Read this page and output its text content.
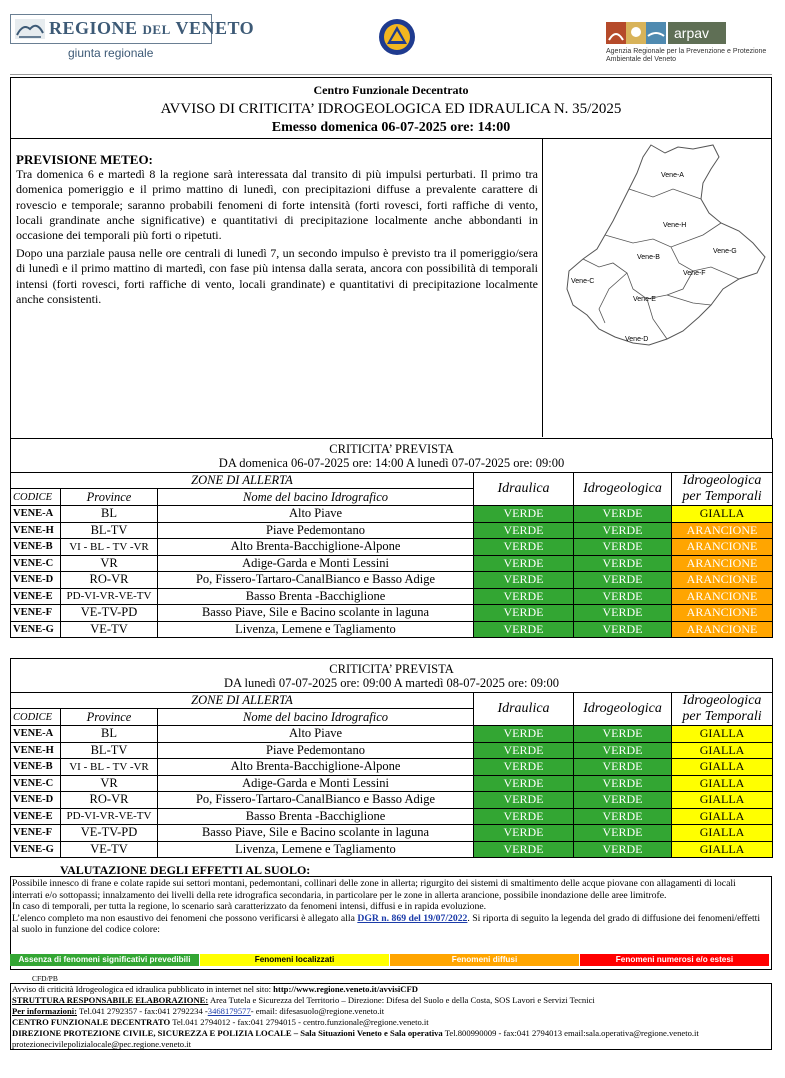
REGIONE DEL VENETO
giunta regionale
arpav
Agenzia Regionale per la Prevenzione e Protezione Ambientale del Veneto
Centro Funzionale Decentrato
AVVISO DI CRITICITA’ IDROGEOLOGICA ED IDRAULICA N. 35/2025
Emesso domenica 06-07-2025 ore: 14:00
PREVISIONE METEO:

Tra domenica 6 e martedì 8 la regione sarà interessata dal transito di più impulsi perturbati. Il primo tra domenica pomeriggio e il primo mattino di lunedì, con precipitazioni diffuse a prevalente carattere di rovescio e temporale; saranno probabili fenomeni di forte intensità (forti rovesci, forti raffiche di vento, locali grandinate anche significative) e quantitativi di precipitazione localmente anche abbondanti in occasione dei temporali più forti o ripetuti.

Dopo una parziale pausa nelle ore centrali di lunedì 7, un secondo impulso è previsto tra il pomeriggio/sera di lunedì e il primo mattino di martedì, con fase più intensa dalla serata, ancora con possibilità di temporali intensi (forti rovesci, forti raffiche di vento, locali grandinate) e quantitativi di precipitazione localmente anche consistenti.

Vene-A
Vene-H
Vene-G
Vene-B
Vene-F
Vene-C
Vene-E
Vene-D
CRITICITA’ PREVISTA
DA domenica 06-07-2025 ore: 14:00 A lunedì 07-07-2025 ore: 09:00					

ZONE DI ALLERTA			Idraulica	Idrogeologica	Idrogeologica
per Temporali

CODICE	Province	Nome del bacino Idrografico			
VENE-A	BL	Alto Piave	VERDE	VERDE	GIALLA
VENE-H	BL-TV	Piave Pedemontano	VERDE	VERDE	ARANCIONE
VENE-B	VI - BL - TV -VR	Alto Brenta-Bacchiglione-Alpone	VERDE	VERDE	ARANCIONE
VENE-C	VR	Adige-Garda e Monti Lessini	VERDE	VERDE	ARANCIONE
VENE-D	RO-VR	Po, Fissero-Tartaro-CanalBianco e Basso Adige	VERDE	VERDE	ARANCIONE
VENE-E	PD-VI-VR-VE-TV	Basso Brenta -Bacchiglione	VERDE	VERDE	ARANCIONE
VENE-F	VE-TV-PD	Basso Piave, Sile e Bacino scolante in laguna	VERDE	VERDE	ARANCIONE
VENE-G	VE-TV	Livenza, Lemene e Tagliamento	VERDE	VERDE	ARANCIONE
CRITICITA’ PREVISTA
DA lunedì 07-07-2025 ore: 09:00 A martedì 08-07-2025 ore: 09:00					

ZONE DI ALLERTA			Idraulica	Idrogeologica	Idrogeologica
per Temporali

CODICE	Province	Nome del bacino Idrografico			
VENE-A	BL	Alto Piave	VERDE	VERDE	GIALLA
VENE-H	BL-TV	Piave Pedemontano	VERDE	VERDE	GIALLA
VENE-B	VI - BL - TV -VR	Alto Brenta-Bacchiglione-Alpone	VERDE	VERDE	GIALLA
VENE-C	VR	Adige-Garda e Monti Lessini	VERDE	VERDE	GIALLA
VENE-D	RO-VR	Po, Fissero-Tartaro-CanalBianco e Basso Adige	VERDE	VERDE	GIALLA
VENE-E	PD-VI-VR-VE-TV	Basso Brenta -Bacchiglione	VERDE	VERDE	GIALLA
VENE-F	VE-TV-PD	Basso Piave, Sile e Bacino scolante in laguna	VERDE	VERDE	GIALLA
VENE-G	VE-TV	Livenza, Lemene e Tagliamento	VERDE	VERDE	GIALLA
VALUTAZIONE DEGLI EFFETTI AL SUOLO:

Possibile innesco di frane e colate rapide sui settori montani, pedemontani, collinari delle zone in allerta; rigurgito dei sistemi di smaltimento delle acque piovane con allagamenti di locali interrati e/o sottopassi; innalzamento dei livelli della rete idrografica secondaria, in particolare per le zone in allerta arancione, possibile inondazione delle aree limitrofe.

In caso di temporali, per tutta la regione, lo scenario sarà caratterizzato da fenomeni intensi, diffusi e in rapida evoluzione.

L’elenco completo ma non esaustivo dei fenomeni che possono verificarsi è allegato alla DGR n. 869 del 19/07/2022. Si riporta di seguito la legenda del grado di diffusione dei fenomeni/effetti al suolo in funzione del codice colore:

Assenza di fenomeni significativi prevedibili	Fenomeni localizzati	Fenomeni diffusi	Fenomeni numerosi e/o estesi
CFD/PB

Avviso di criticità Idrogeologica ed idraulica pubblicato in internet nel sito: http://www.regione.veneto.it/avvisiCFD

STRUTTURA RESPONSABILE ELABORAZIONE: Area Tutela e Sicurezza del Territorio – Direzione: Difesa del Suolo e della Costa, SOS Lavori e Servizi Tecnici

Per informazioni: Tel.041 2792357 - fax:041 2792234 -3468179577- email: difesasuolo@regione.veneto.it

CENTRO FUNZIONALE DECENTRATO Tel.041 2794012 - fax:041 2794015 - centro.funzionale@regione.veneto.it

DIREZIONE PROTEZIONE CIVILE, SICUREZZA E POLIZIA LOCALE – Sala Situazioni Veneto e Sala operativa Tel.800990009 - fax:041 2794013 email:sala.operativa@regione.veneto.it

protezionecivilepolizialocale@pec.regione.veneto.it
